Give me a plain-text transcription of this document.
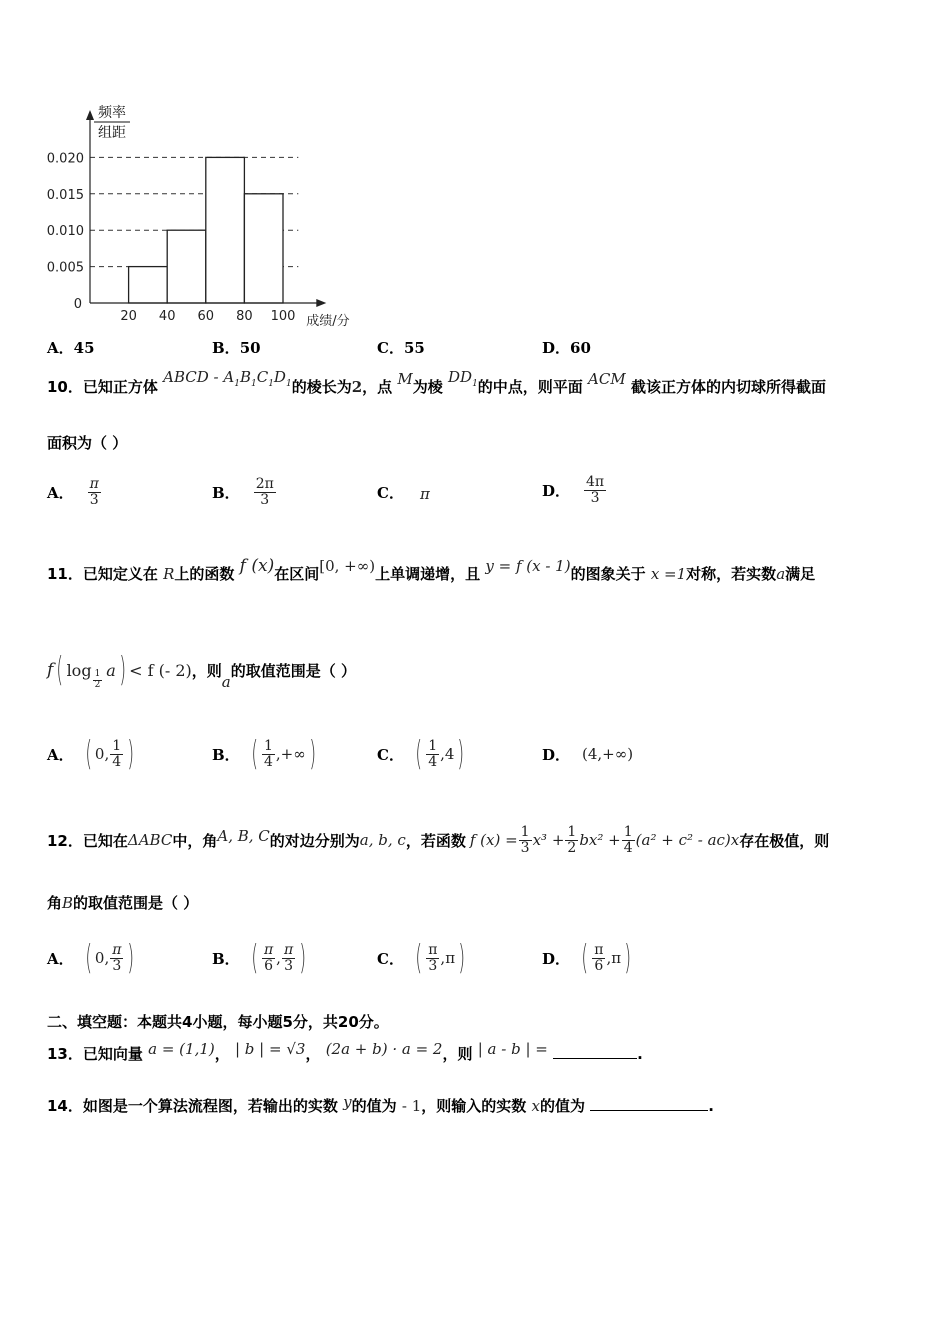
0.005
0.010
0.015
0.020
20 40 60 80 100
0
频率
组距
成绩/分
A．45	B．50	C．55	D．60
10．已知正方体 ABCD - $A_1B_1C_1D_1$的棱长为2，点 M为棱 $DD_1$的中点，则平面 ACM 截该正方体的内切球所得截面
面积为（ ）
A． $\frac{\pi}{3}$	B． $\frac{2\pi}{3}$	C． π	D． $\frac{4\pi}{3}$
11．已知定义在 R上的函数 f (x)在区间[0, +∞)上单调递增，且 y = f (x - 1)的图象关于 x =1对称，若实数a满足
f ( log
$\frac{1}{2}$
a ) < f (- 2) ，则
a
的取值范围是（ ）
A． ( 0, $\frac{1}{4}$ )	B． ( $\frac{1}{4}$ ,+∞ )	C． ( $\frac{1}{4} ,4$ )	D． (4,+∞)
12． 已知在 ΔABC 中，角 A, B, C 的对边分别为 a, b, c ，若函数 f $(x) = \frac{1}{3} x^3 + \frac{1}{2} bx^2 + \frac{1}{4} (a^2 + c^2 - ac)x$ 存在极值，则
角B的取值范围是（ ）
A． ( 0, $\frac{\pi}{3}$ )	B． ( $\frac{\pi}{6}$ , $\frac{\pi}{3}$ )	C． ( $\frac{\pi}{3} ,\pi$ )	D． ( $\frac{\pi}{6} ,\pi$ )
二、填空题：本题共4小题，每小题5分，共20分。
13．已知向量 a = (1,1)， | b | = √3， (2a + b) · a = 2，则 | a - b | =	.
14．如图是一个算法流程图，若输出的实数 y的值为 - 1，则输入的实数 x的值为	.
